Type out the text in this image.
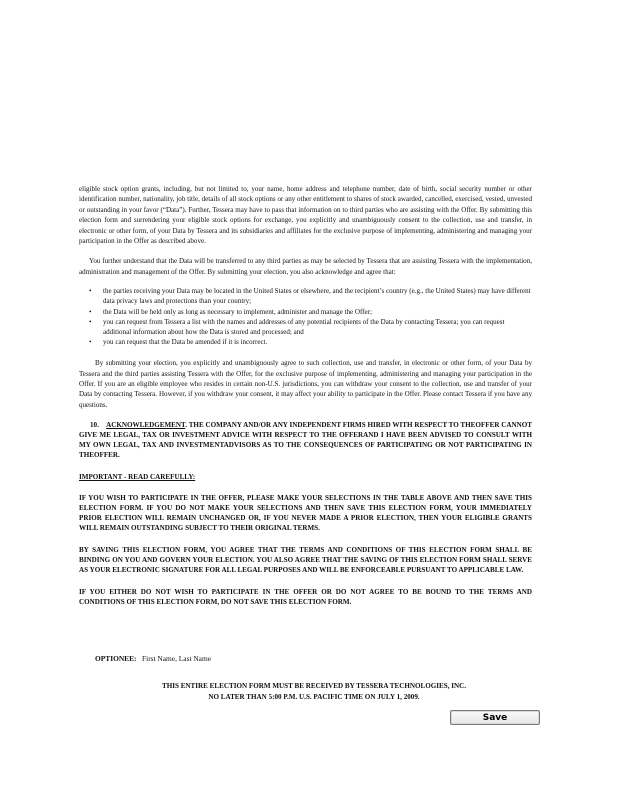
eligible stock option grants, including, but not limited to, your name, home address and telephone number, date of birth, social security number or other identification number, nationality, job title, details of all stock options or any other entitlement to shares of stock awarded, cancelled, exercised, vested, unvested or outstanding in your favor (“Data”). Further, Tessera may have to pass that information on to third parties who are assisting with the Offer. By submitting this election form and surrendering your eligible stock options for exchange, you explicitly and unambiguously consent to the collection, use and transfer, in electronic or other form, of your Data by Tessera and its subsidiaries and affiliates for the exclusive purpose of implementing, administering and managing your participation in the Offer as described above.

You further understand that the Data will be transferred to any third parties as may be selected by Tessera that are assisting Tessera with the implementation, administration and management of the Offer. By submitting your election, you also acknowledge and agree that:

• the parties receiving your Data may be located in the United States or elsewhere, and the recipient’s country (e.g., the United States) may have different data privacy laws and protections than your country;
• the Data will be held only as long as necessary to implement, administer and manage the Offer;
• you can request from Tessera a list with the names and addresses of any potential recipients of the Data by contacting Tessera; you can request additional information about how the Data is stored and processed; and
• you can request that the Data be amended if it is incorrect.

By submitting your election, you explicitly and unambiguously agree to such collection, use and transfer, in electronic or other form, of your Data by Tessera and the third parties assisting Tessera with the Offer, for the exclusive purpose of implementing, administering and managing your participation in the Offer. If you are an eligible employee who resides in certain non-U.S. jurisdictions, you can withdraw your consent to the collection, use and transfer of your Data by contacting Tessera. However, if you withdraw your consent, it may affect your ability to participate in the Offer. Please contact Tessera if you have any questions.

10. ACKNOWLEDGEMENT. THE COMPANY AND/OR ANY INDEPENDENT FIRMS HIRED WITH RESPECT TO THEOFFER CANNOT GIVE ME LEGAL, TAX OR INVESTMENT ADVICE WITH RESPECT TO THE OFFERAND I HAVE BEEN ADVISED TO CONSULT WITH MY OWN LEGAL, TAX AND INVESTMENTADVISORS AS TO THE CONSEQUENCES OF PARTICIPATING OR NOT PARTICIPATING IN THEOFFER.

IMPORTANT - READ CAREFULLY:

IF YOU WISH TO PARTICIPATE IN THE OFFER, PLEASE MAKE YOUR SELECTIONS IN THE TABLE ABOVE AND THEN SAVE THIS ELECTION FORM. IF YOU DO NOT MAKE YOUR SELECTIONS AND THEN SAVE THIS ELECTION FORM, YOUR IMMEDIATELY PRIOR ELECTION WILL REMAIN UNCHANGED OR, IF YOU NEVER MADE A PRIOR ELECTION, THEN YOUR ELIGIBLE GRANTS WILL REMAIN OUTSTANDING SUBJECT TO THEIR ORIGINAL TERMS.

BY SAVING THIS ELECTION FORM, YOU AGREE THAT THE TERMS AND CONDITIONS OF THIS ELECTION FORM SHALL BE BINDING ON YOU AND GOVERN YOUR ELECTION. YOU ALSO AGREE THAT THE SAVING OF THIS ELECTION FORM SHALL SERVE AS YOUR ELECTRONIC SIGNATURE FOR ALL LEGAL PURPOSES AND WILL BE ENFORCEABLE PURSUANT TO APPLICABLE LAW.

IF YOU EITHER DO NOT WISH TO PARTICIPATE IN THE OFFER OR DO NOT AGREE TO BE BOUND TO THE TERMS AND CONDITIONS OF THIS ELECTION FORM, DO NOT SAVE THIS ELECTION FORM.

OPTIONEE: First Name, Last Name
THIS ENTIRE ELECTION FORM MUST BE RECEIVED BY TESSERA TECHNOLOGIES, INC.
NO LATER THAN 5:00 P.M. U.S. PACIFIC TIME ON JULY 1, 2009.
Save
